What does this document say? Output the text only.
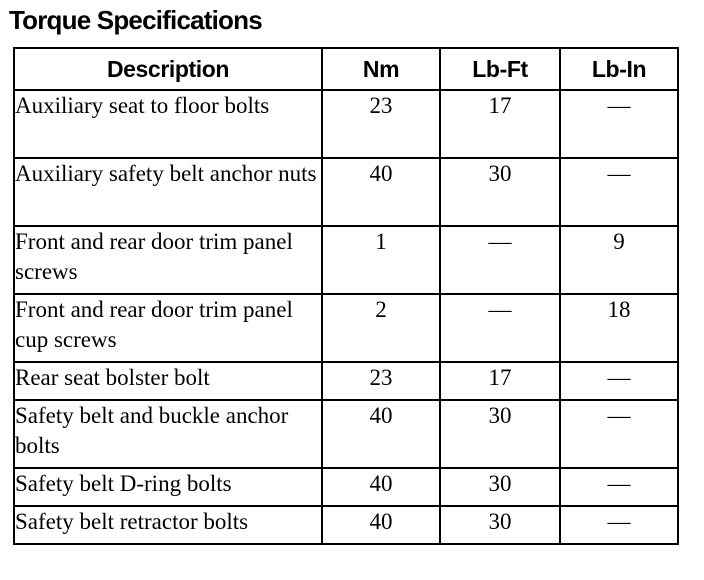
Torque Specifications
Description	Nm	Lb-Ft	Lb-In
Auxiliary seat to floor bolts	23	17	—
Auxiliary safety belt anchor nuts	40	30	—
Front and rear door trim panel screws	1	—	9
Front and rear door trim panel cup screws	2	—	18
Rear seat bolster bolt	23	17	—
Safety belt and buckle anchor bolts	40	30	—
Safety belt D-ring bolts	40	30	—
Safety belt retractor bolts	40	30	—
